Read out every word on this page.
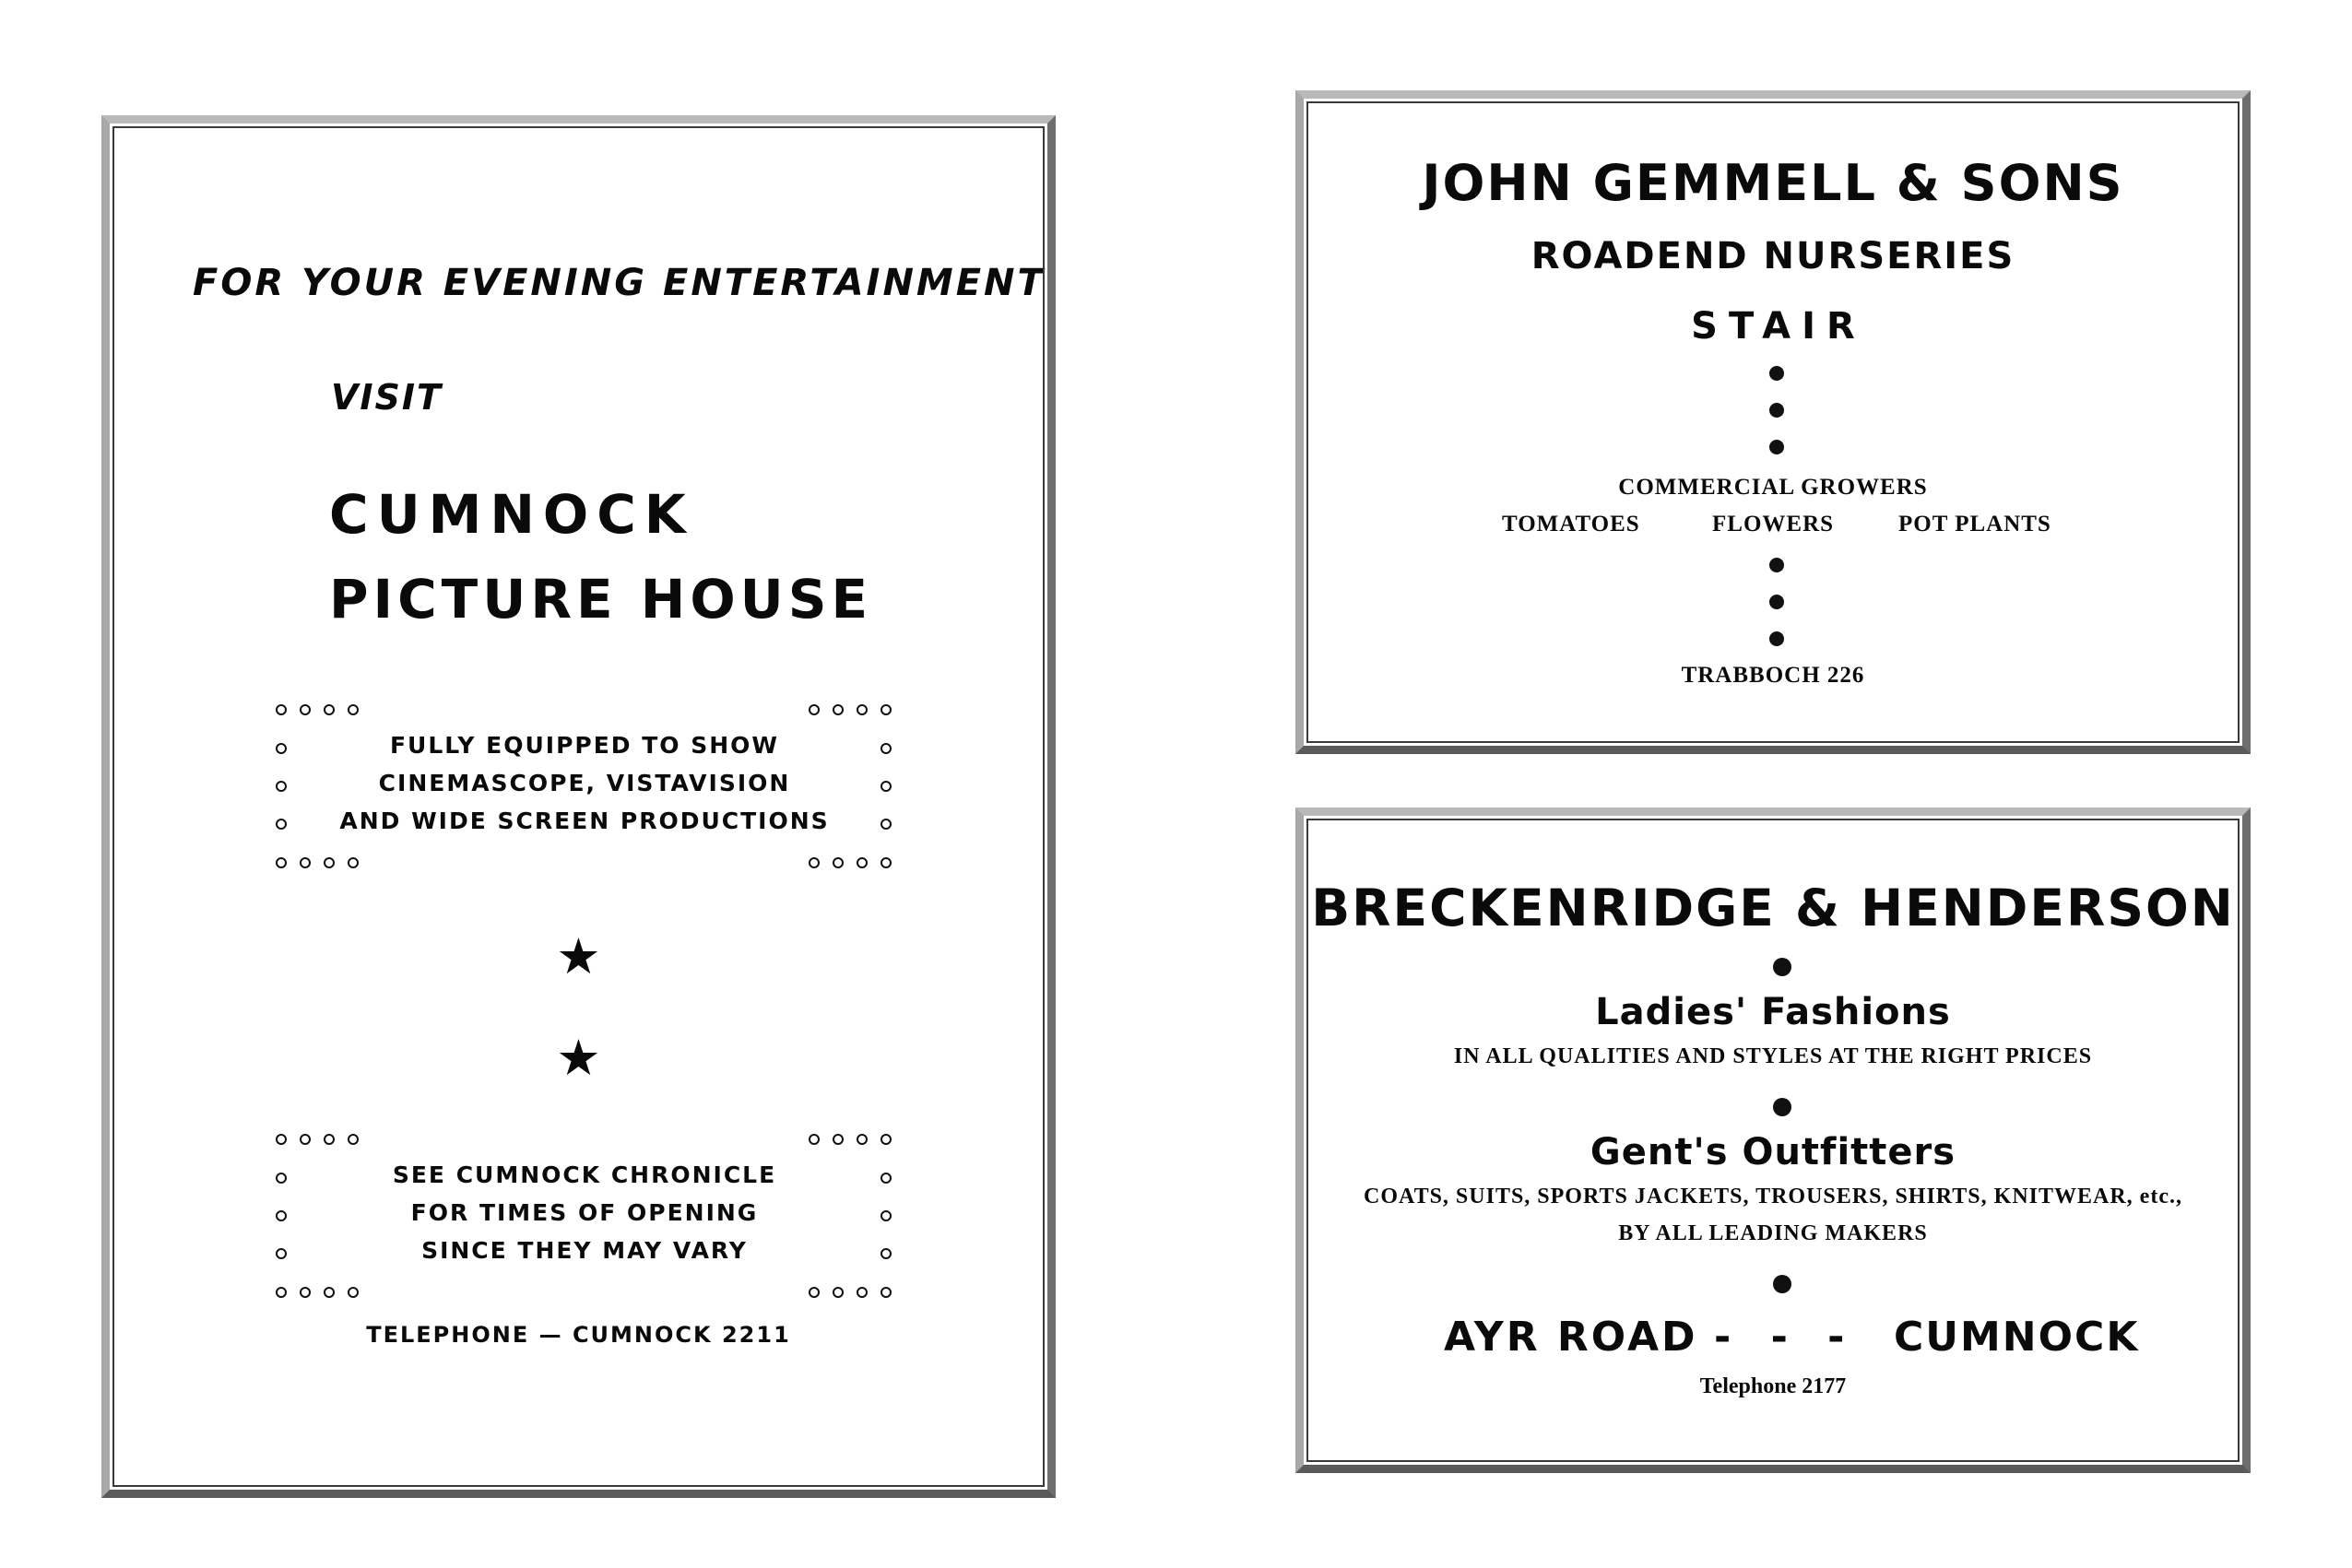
FOR YOUR EVENING ENTERTAINMENT
VISIT
CUMNOCK
PICTURE HOUSE
FULLY EQUIPPED TO SHOW
CINEMASCOPE, VISTAVISION
AND WIDE SCREEN PRODUCTIONS
★
★
SEE CUMNOCK CHRONICLE
FOR TIMES OF OPENING
SINCE THEY MAY VARY
TELEPHONE — CUMNOCK 2211
JOHN GEMMELL & SONS
ROADEND NURSERIES
STAIR
COMMERCIAL GROWERS
TOMATOES	FLOWERS	POT PLANTS
TRABBOCH 226
BRECKENRIDGE & HENDERSON
Ladies' Fashions
IN ALL QUALITIES AND STYLES AT THE RIGHT PRICES
Gent's Outfitters
COATS, SUITS, SPORTS JACKETS, TROUSERS, SHIRTS, KNITWEAR, etc.,
BY ALL LEADING MAKERS
AYR ROAD - - - CUMNOCK
Telephone 2177
